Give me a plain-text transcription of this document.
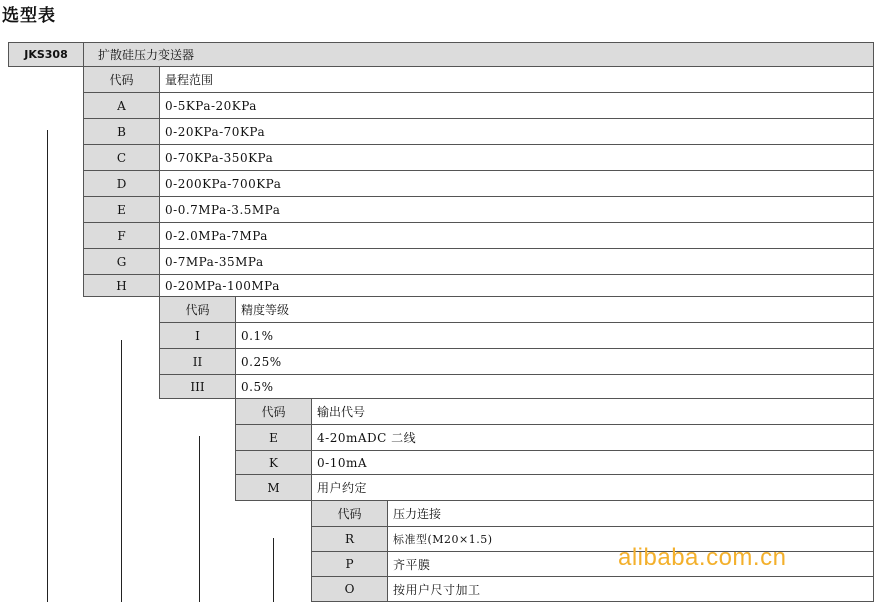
选型表
JKS308	扩散硅压力变送器
代码	量程范围
A	0-5KPa-20KPa
B	0-20KPa-70KPa
C	0-70KPa-350KPa
D	0-200KPa-700KPa
E	0-0.7MPa-3.5MPa
F	0-2.0MPa-7MPa
G	0-7MPa-35MPa
H	0-20MPa-100MPa
代码	精度等级
I	0.1%
II	0.25%
III	0.5%
代码	输出代号
E	4-20mADC 二线
K	0-10mA
M	用户约定
代码	压力连接
R	标准型(M20×1.5)
P	齐平膜
O	按用户尺寸加工
alibaba.com.cn
